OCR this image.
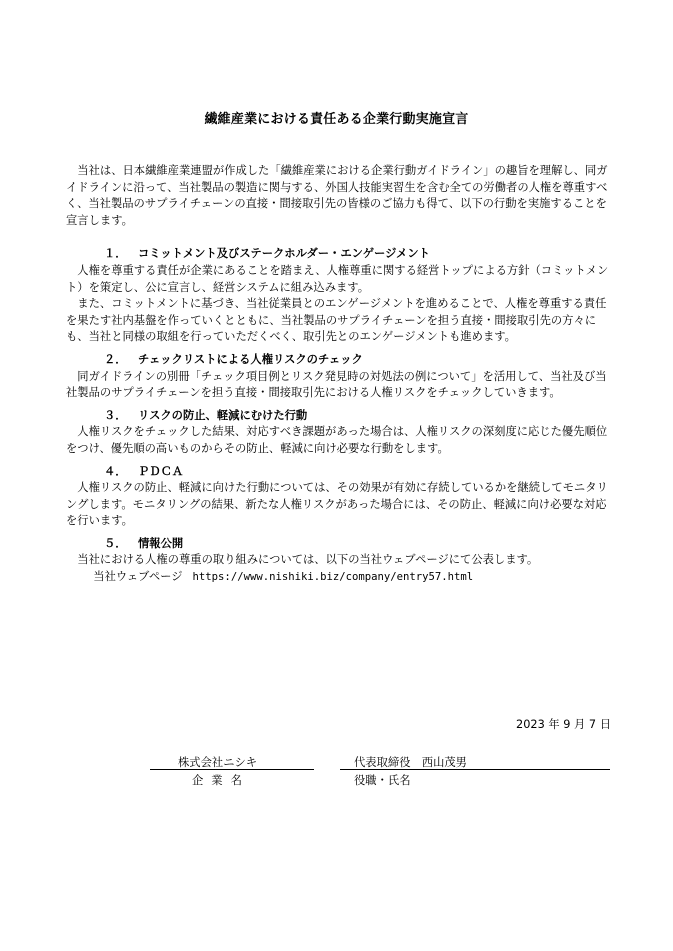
繊維産業における責任ある企業行動実施宣言

当社は、日本繊維産業連盟が作成した「繊維産業における企業行動ガイドライン」の趣旨を理解し、同ガイドラインに沿って、当社製品の製造に関与する、外国人技能実習生を含む全ての労働者の人権を尊重すべく、当社製品のサプライチェーンの直接・間接取引先の皆様のご協力も得て、以下の行動を実施することを宣言します。

１． コミットメント及びステークホルダー・エンゲージメント

人権を尊重する責任が企業にあることを踏まえ、人権尊重に関する経営トップによる方針（コミットメント）を策定し、公に宣言し、経営システムに組み込みます。

また、コミットメントに基づき、当社従業員とのエンゲージメントを進めることで、人権を尊重する責任を果たす社内基盤を作っていくとともに、当社製品のサプライチェーンを担う直接・間接取引先の方々にも、当社と同様の取組を行っていただくべく、取引先とのエンゲージメントも進めます。

２． チェックリストによる人権リスクのチェック

同ガイドラインの別冊「チェック項目例とリスク発見時の対処法の例について」を活用して、当社及び当社製品のサプライチェーンを担う直接・間接取引先における人権リスクをチェックしていきます。

３． リスクの防止、軽減にむけた行動

人権リスクをチェックした結果、対応すべき課題があった場合は、人権リスクの深刻度に応じた優先順位をつけ、優先順の高いものからその防止、軽減に向け必要な行動をします。

４． ＰＤＣＡ

人権リスクの防止、軽減に向けた行動については、その効果が有効に存続しているかを継続してモニタリングします。モニタリングの結果、新たな人権リスクがあった場合には、その防止、軽減に向け必要な対応を行います。

５． 情報公開

当社における人権の尊重の取り組みについては、以下の当社ウェブページにて公表します。

当社ウェブページ https://www.nishiki.biz/company/entry57.html

2023 年 9 月 7 日
株式会社ニシキ
企業名
代表取締役　西山茂男
役職・氏名
